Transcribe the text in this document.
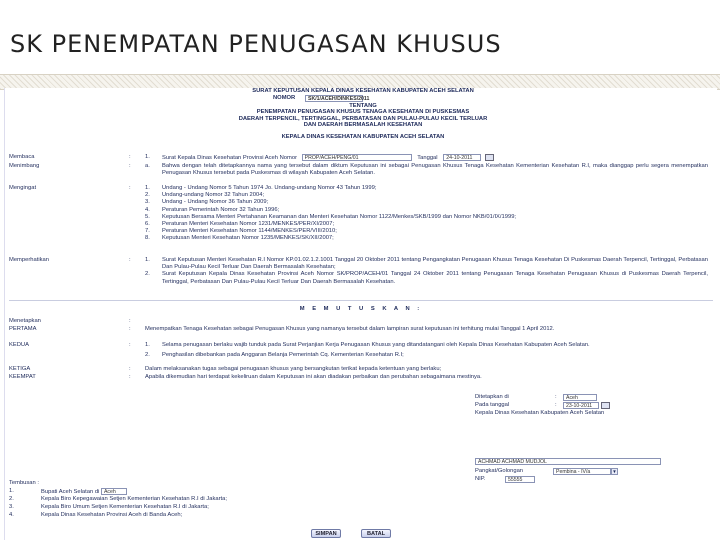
SK PENEMPATAN PENUGASAN KHUSUS
SURAT KEPUTUSAN KEPALA DINAS KESEHATAN KABUPATEN ACEH SELATAN
NOMOR	SK/1/ACEH/DINKES/2011
TENTANG
PENEMPATAN PENUGASAN KHUSUS TENAGA KESEHATAN DI PUSKESMAS
DAERAH TERPENCIL, TERTINGGAL, PERBATASAN DAN PULAU-PULAU KECIL TERLUAR
DAN DAERAH BERMASALAH KESEHATAN
KEPALA DINAS KESEHATAN KABUPATEN ACEH SELATAN
Membaca	: 1. Surat Kepala Dinas Kesehatan Provinsi Aceh Nomor PROP/ACEH/PENG/01	Tanggal 24-10-2011
Menimbang	: a. Bahwa dengan telah ditetapkannya nama yang tersebut dalam diktum Keputusan ini sebagai Penugasan Khusus Tenaga Kesehatan Kementerian Kesehatan R.I, maka dianggap perlu segera menempatkan Penugasan Khusus tersebut pada Puskesmas di wilayah Kabupaten Aceh Selatan.
Mengingat	: 1. Undang - Undang Nomor 5 Tahun 1974 Jo. Undang-undang Nomor 43 Tahun 1999;
2. Undang-undang Nomor 32 Tahun 2004;
3. Undang - Undang Nomor 36 Tahun 2009;
4. Peraturan Pemerintah Nomor 32 Tahun 1996;
5. Keputusan Bersama Menteri Pertahanan Keamanan dan Menteri Kesehatan Nomor 1122/Menkes/SKB/1999 dan Nomor NKB/01/IX/1999;
6. Peraturan Menteri Kesehatan Nomor 1231/MENKES/PER/XI/2007;
7. Peraturan Menteri Kesehatan Nomor 1144/MENKES/PER/VIII/2010;
8. Keputusan Menteri Kesehatan Nomor 1235/MENKES/SK/XII/2007;
Memperhatikan	: 1. Surat Keputusan Menteri Kesehatan R.I Nomor KP.01.02.1.2.1001 Tanggal 20 Oktober 2011 tentang Pengangkatan Penugasan Khusus Tenaga Kesehatan Di Puskesmas Daerah Terpencil, Tertinggal, Perbatasan Dan Pulau-Pulau Kecil Terluar Dan Daerah Bermasalah Kesehatan;
2. Surat Keputusan Kepala Dinas Kesehatan Provinsi Aceh Nomor SK/PROP/ACEH/01 Tanggal 24 Oktober 2011 tentang Penugasan Tenaga Kesehatan Penugasan Khusus di Puskesmas Daerah Terpencil, Tertinggal, Perbatasan Dan Pulau-Pulau Kecil Terluar Dan Daerah Bermasalah Kesehatan.
M E M U T U S K A N :
Menetapkan	:
PERTAMA	: Menempatkan Tenaga Kesehatan sebagai Penugasan Khusus yang namanya tersebut dalam lampiran surat keputusan ini terhitung mulai Tanggal 1 April 2012.
KEDUA	: 1. Selama penugasan berlaku wajib tunduk pada Surat Perjanjian Kerja Penugasan Khusus yang ditandatangani oleh Kepala Dinas Kesehatan Kabupaten Aceh Selatan.
2. Penghasilan dibebankan pada Anggaran Belanja Pemerintah Cq. Kementerian Kesehatan R.I;
KETIGA	: Dalam melaksanakan tugas sebagai penugasan khusus yang bersangkutan terikat kepada ketentuan yang berlaku;
KEEMPAT	: Apabila dikemudian hari terdapat kekeliruan dalam Keputusan ini akan diadakan perbaikan dan perubahan sebagaimana mestinya.
Ditetapkan di	:	Aceh
Pada tanggal	:	23-10-2011
Kepala Dinas Kesehatan Kabupaten Aceh Selatan
ACHMAD ACHMAD MUDJOL
Pangkat/Golongan	Pembina - IV/a	▼
NIP.	55555
Tembusan :
1.	Bupati Aceh Selatan di Aceh
2.	Kepala Biro Kepegawaian Setjen Kementerian Kesehatan R.I di Jakarta;
3.	Kepala Biro Umum Setjen Kementerian Kesehatan R.I di Jakarta;
4.	Kepala Dinas Kesehatan Provinsi Aceh di Banda Aceh;
SIMPAN	BATAL
